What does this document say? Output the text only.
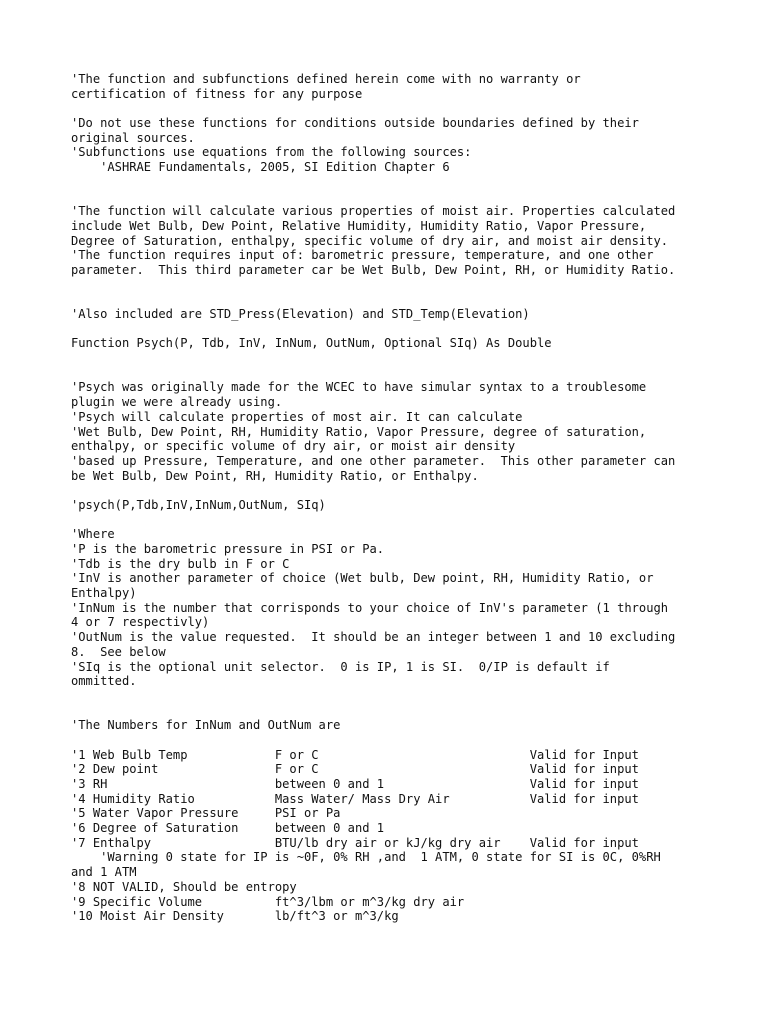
'The function and subfunctions defined herein come with no warranty or
certification of fitness for any purpose
'Do not use these functions for conditions outside boundaries defined by their
original sources.
'Subfunctions use equations from the following sources:
'ASHRAE Fundamentals, 2005, SI Edition Chapter 6
'The function will calculate various properties of moist air. Properties calculated
include Wet Bulb, Dew Point, Relative Humidity, Humidity Ratio, Vapor Pressure,
Degree of Saturation, enthalpy, specific volume of dry air, and moist air density.
'The function requires input of: barometric pressure, temperature, and one other
parameter.  This third parameter car be Wet Bulb, Dew Point, RH, or Humidity Ratio.
'Also included are STD_Press(Elevation) and STD_Temp(Elevation)
Function Psych(P, Tdb, InV, InNum, OutNum, Optional SIq) As Double
'Psych was originally made for the WCEC to have simular syntax to a troublesome
plugin we were already using.
'Psych will calculate properties of most air. It can calculate
'Wet Bulb, Dew Point, RH, Humidity Ratio, Vapor Pressure, degree of saturation,
enthalpy, or specific volume of dry air, or moist air density
'based up Pressure, Temperature, and one other parameter.  This other parameter can
be Wet Bulb, Dew Point, RH, Humidity Ratio, or Enthalpy.
'psych(P,Tdb,InV,InNum,OutNum, SIq)
'Where
'P is the barometric pressure in PSI or Pa.
'Tdb is the dry bulb in F or C
'InV is another parameter of choice (Wet bulb, Dew point, RH, Humidity Ratio, or
Enthalpy)
'InNum is the number that corrisponds to your choice of InV's parameter (1 through
4 or 7 respectivly)
'OutNum is the value requested.  It should be an integer between 1 and 10 excluding
8.  See below
'SIq is the optional unit selector.  0 is IP, 1 is SI.  0/IP is default if
ommitted.
'The Numbers for InNum and OutNum are
'1 Web Bulb Temp            F or C                             Valid for Input
'2 Dew point                F or C                             Valid for input
'3 RH                       between 0 and 1                    Valid for input
'4 Humidity Ratio           Mass Water/ Mass Dry Air           Valid for input
'5 Water Vapor Pressure     PSI or Pa
'6 Degree of Saturation     between 0 and 1
'7 Enthalpy                 BTU/lb dry air or kJ/kg dry air    Valid for input
'Warning 0 state for IP is ~0F, 0% RH ,and  1 ATM, 0 state for SI is 0C, 0%RH
and 1 ATM
'8 NOT VALID, Should be entropy
'9 Specific Volume          ft^3/lbm or m^3/kg dry air
'10 Moist Air Density       lb/ft^3 or m^3/kg
